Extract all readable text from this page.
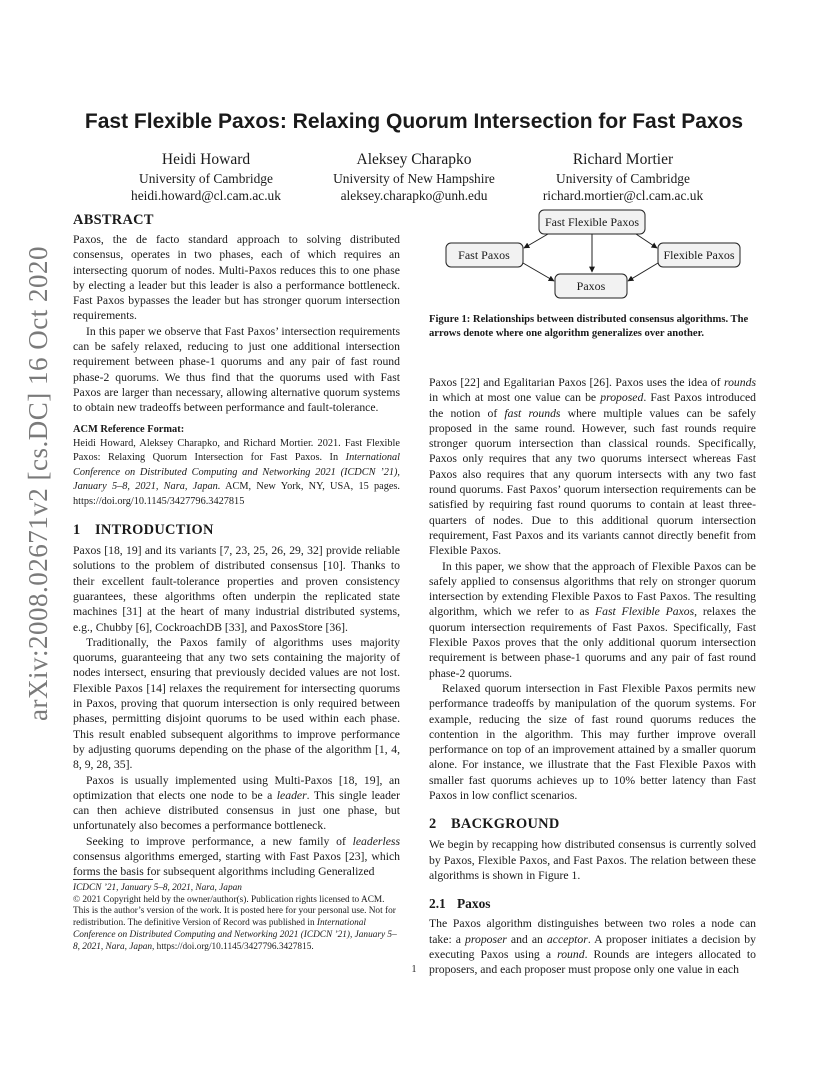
arXiv:2008.02671v2 [cs.DC] 16 Oct 2020
Fast Flexible Paxos: Relaxing Quorum Intersection for Fast Paxos
Heidi Howard
University of Cambridge
heidi.howard@cl.cam.ac.uk
Aleksey Charapko
University of New Hampshire
aleksey.charapko@unh.edu
Richard Mortier
University of Cambridge
richard.mortier@cl.cam.ac.uk
ABSTRACT

Paxos, the de facto standard approach to solving distributed consensus, operates in two phases, each of which requires an intersecting quorum of nodes. Multi-Paxos reduces this to one phase by electing a leader but this leader is also a performance bottleneck. Fast Paxos bypasses the leader but has stronger quorum intersection requirements.

In this paper we observe that Fast Paxos’ intersection requirements can be safely relaxed, reducing to just one additional intersection requirement between phase-1 quorums and any pair of fast round phase-2 quorums. We thus find that the quorums used with Fast Paxos are larger than necessary, allowing alternative quorum systems to obtain new tradeoffs between performance and fault-tolerance.

ACM Reference Format:

Heidi Howard, Aleksey Charapko, and Richard Mortier. 2021. Fast Flexible Paxos: Relaxing Quorum Intersection for Fast Paxos. In International Conference on Distributed Computing and Networking 2021 (ICDCN ’21), January 5–8, 2021, Nara, Japan. ACM, New York, NY, USA, 15 pages. https://doi.org/10.1145/3427796.3427815

1 INTRODUCTION

Paxos [18, 19] and its variants [7, 23, 25, 26, 29, 32] provide reliable solutions to the problem of distributed consensus [10]. Thanks to their excellent fault-tolerance properties and proven consistency guarantees, these algorithms often underpin the replicated state machines [31] at the heart of many industrial distributed systems, e.g., Chubby [6], CockroachDB [33], and PaxosStore [36].

Traditionally, the Paxos family of algorithms uses majority quorums, guaranteeing that any two sets containing the majority of nodes intersect, ensuring that previously decided values are not lost. Flexible Paxos [14] relaxes the requirement for intersecting quorums in Paxos, proving that quorum intersection is only required between phases, permitting disjoint quorums to be used within each phase. This result enabled subsequent algorithms to improve performance by adjusting quorums depending on the phase of the algorithm [1, 4, 8, 9, 28, 35].

Paxos is usually implemented using Multi-Paxos [18, 19], an optimization that elects one node to be a leader. This single leader can then achieve distributed consensus in just one phase, but unfortunately also becomes a performance bottleneck.

Seeking to improve performance, a new family of leaderless consensus algorithms emerged, starting with Fast Paxos [23], which forms the basis for subsequent algorithms including Generalized

ICDCN ’21, January 5–8, 2021, Nara, Japan

© 2021 Copyright held by the owner/author(s). Publication rights licensed to ACM. This is the author’s version of the work. It is posted here for your personal use. Not for redistribution. The definitive Version of Record was published in International Conference on Distributed Computing and Networking 2021 (ICDCN ’21), January 5–8, 2021, Nara, Japan, https://doi.org/10.1145/3427796.3427815.

Fast Flexible Paxos
Fast Paxos	Flexible Paxos
Paxos
Figure 1: Relationships between distributed consensus algorithms. The arrows denote where one algorithm generalizes over another.

Paxos [22] and Egalitarian Paxos [26]. Paxos uses the idea of rounds in which at most one value can be proposed. Fast Paxos introduced the notion of fast rounds where multiple values can be safely proposed in the same round. However, such fast rounds require stronger quorum intersection than classical rounds. Specifically, Paxos only requires that any two quorums intersect whereas Fast Paxos also requires that any quorum intersects with any two fast round quorums. Fast Paxos’ quorum intersection requirements can be satisfied by requiring fast round quorums to contain at least three-quarters of nodes. Due to this additional quorum intersection requirement, Fast Paxos and its variants cannot directly benefit from Flexible Paxos.

In this paper, we show that the approach of Flexible Paxos can be safely applied to consensus algorithms that rely on stronger quorum intersection by extending Flexible Paxos to Fast Paxos. The resulting algorithm, which we refer to as Fast Flexible Paxos, relaxes the quorum intersection requirements of Fast Paxos. Specifically, Fast Flexible Paxos proves that the only additional quorum intersection requirement is between phase-1 quorums and any pair of fast round phase-2 quorums.

Relaxed quorum intersection in Fast Flexible Paxos permits new performance tradeoffs by manipulation of the quorum systems. For example, reducing the size of fast round quorums reduces the contention in the algorithm. This may further improve overall performance on top of an improvement attained by a smaller quorum alone. For instance, we illustrate that the Fast Flexible Paxos with smaller fast quorums achieves up to 10% better latency than Fast Paxos in low conflict scenarios.

2 BACKGROUND

We begin by recapping how distributed consensus is currently solved by Paxos, Flexible Paxos, and Fast Paxos. The relation between these algorithms is shown in Figure 1.

2.1 Paxos

The Paxos algorithm distinguishes between two roles a node can take: a proposer and an acceptor. A proposer initiates a decision by executing Paxos using a round. Rounds are integers allocated to proposers, and each proposer must propose only one value in each

1
